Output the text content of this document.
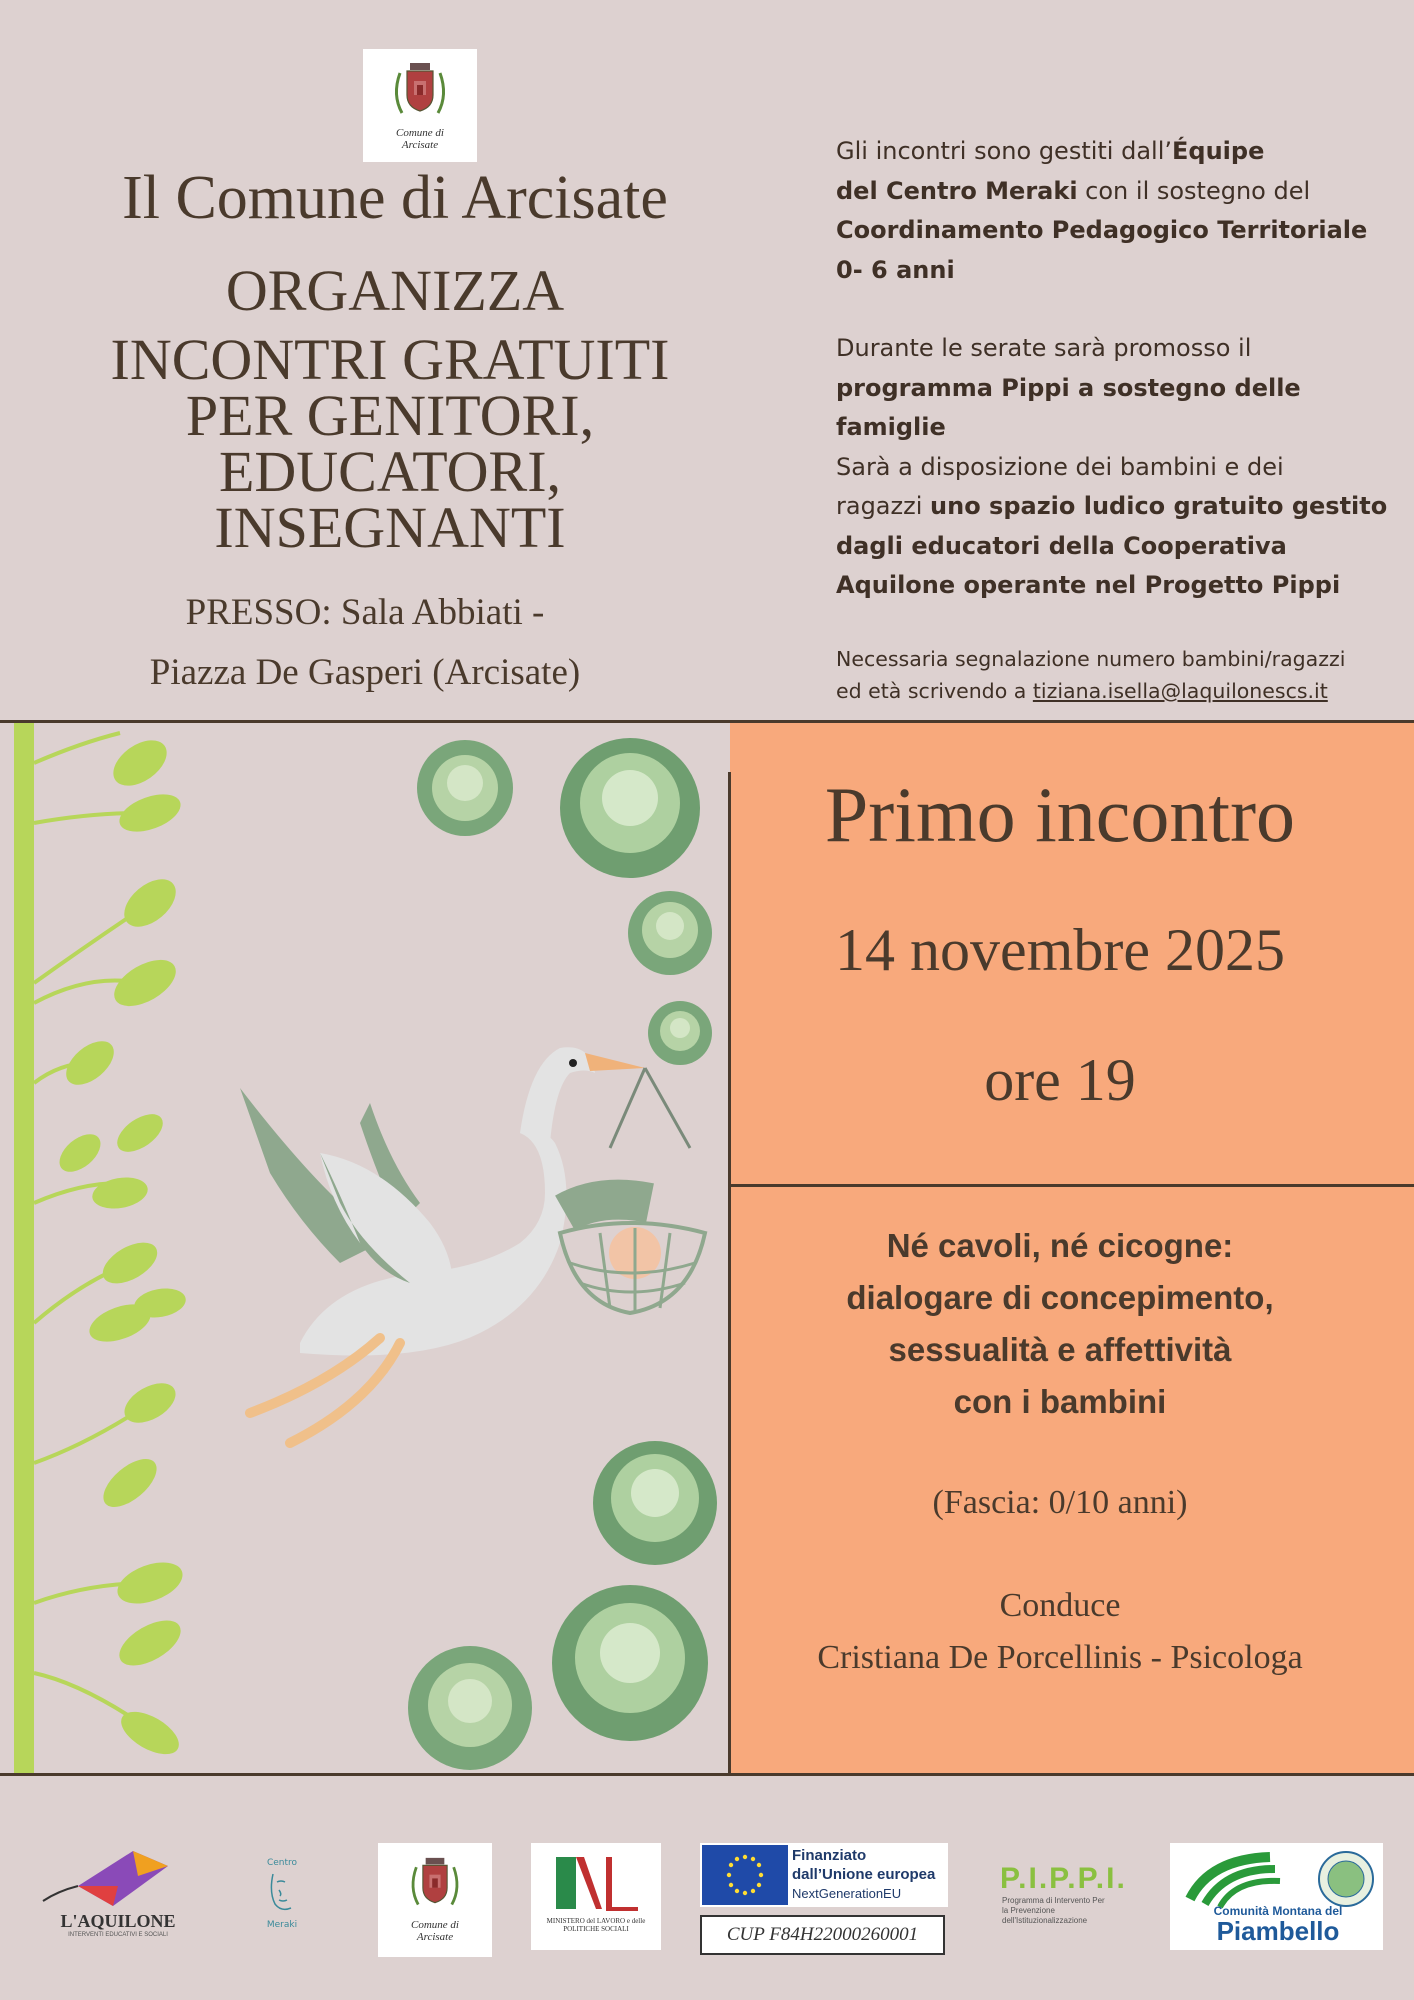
Comune di Arcisate
Il Comune di Arcisate
ORGANIZZA
INCONTRI GRATUITI
PER GENITORI,
EDUCATORI,
INSEGNANTI
PRESSO: Sala Abbiati -
Piazza De Gasperi (Arcisate)

Gli incontri sono gestiti dall’Équipe
del Centro Meraki con il sostegno del
Coordinamento Pedagogico Territoriale
0- 6 anni

Durante le serate sarà promosso il
programma Pippi a sostegno delle
famiglie
Sarà a disposizione dei bambini e dei
ragazzi uno spazio ludico gratuito gestito
dagli educatori della Cooperativa
Aquilone operante nel Progetto Pippi

Necessaria segnalazione numero bambini/ragazzi
ed età scrivendo a tiziana.isella@laquilonescs.it
Primo incontro
14 novembre 2025
ore 19
Né cavoli, né cicogne:
dialogare di concepimento,
sessualità e affettività
con i bambini
(Fascia: 0/10 anni)
Conduce
Cristiana De Porcellinis - Psicologa
L'AQUILONE
INTERVENTI EDUCATIVI E SOCIALI
Centro
Meraki	Comune di Arcisate
MINISTERO del LAVORO e delle POLITICHE SOCIALI
Finanziato
dall’Unione europea
NextGenerationEU
CUP F84H22000260001
P.I.P.P.I.
Programma di Intervento Per la Prevenzione dell'Istituzionalizzazione
Comunità Montana del
Piambello
